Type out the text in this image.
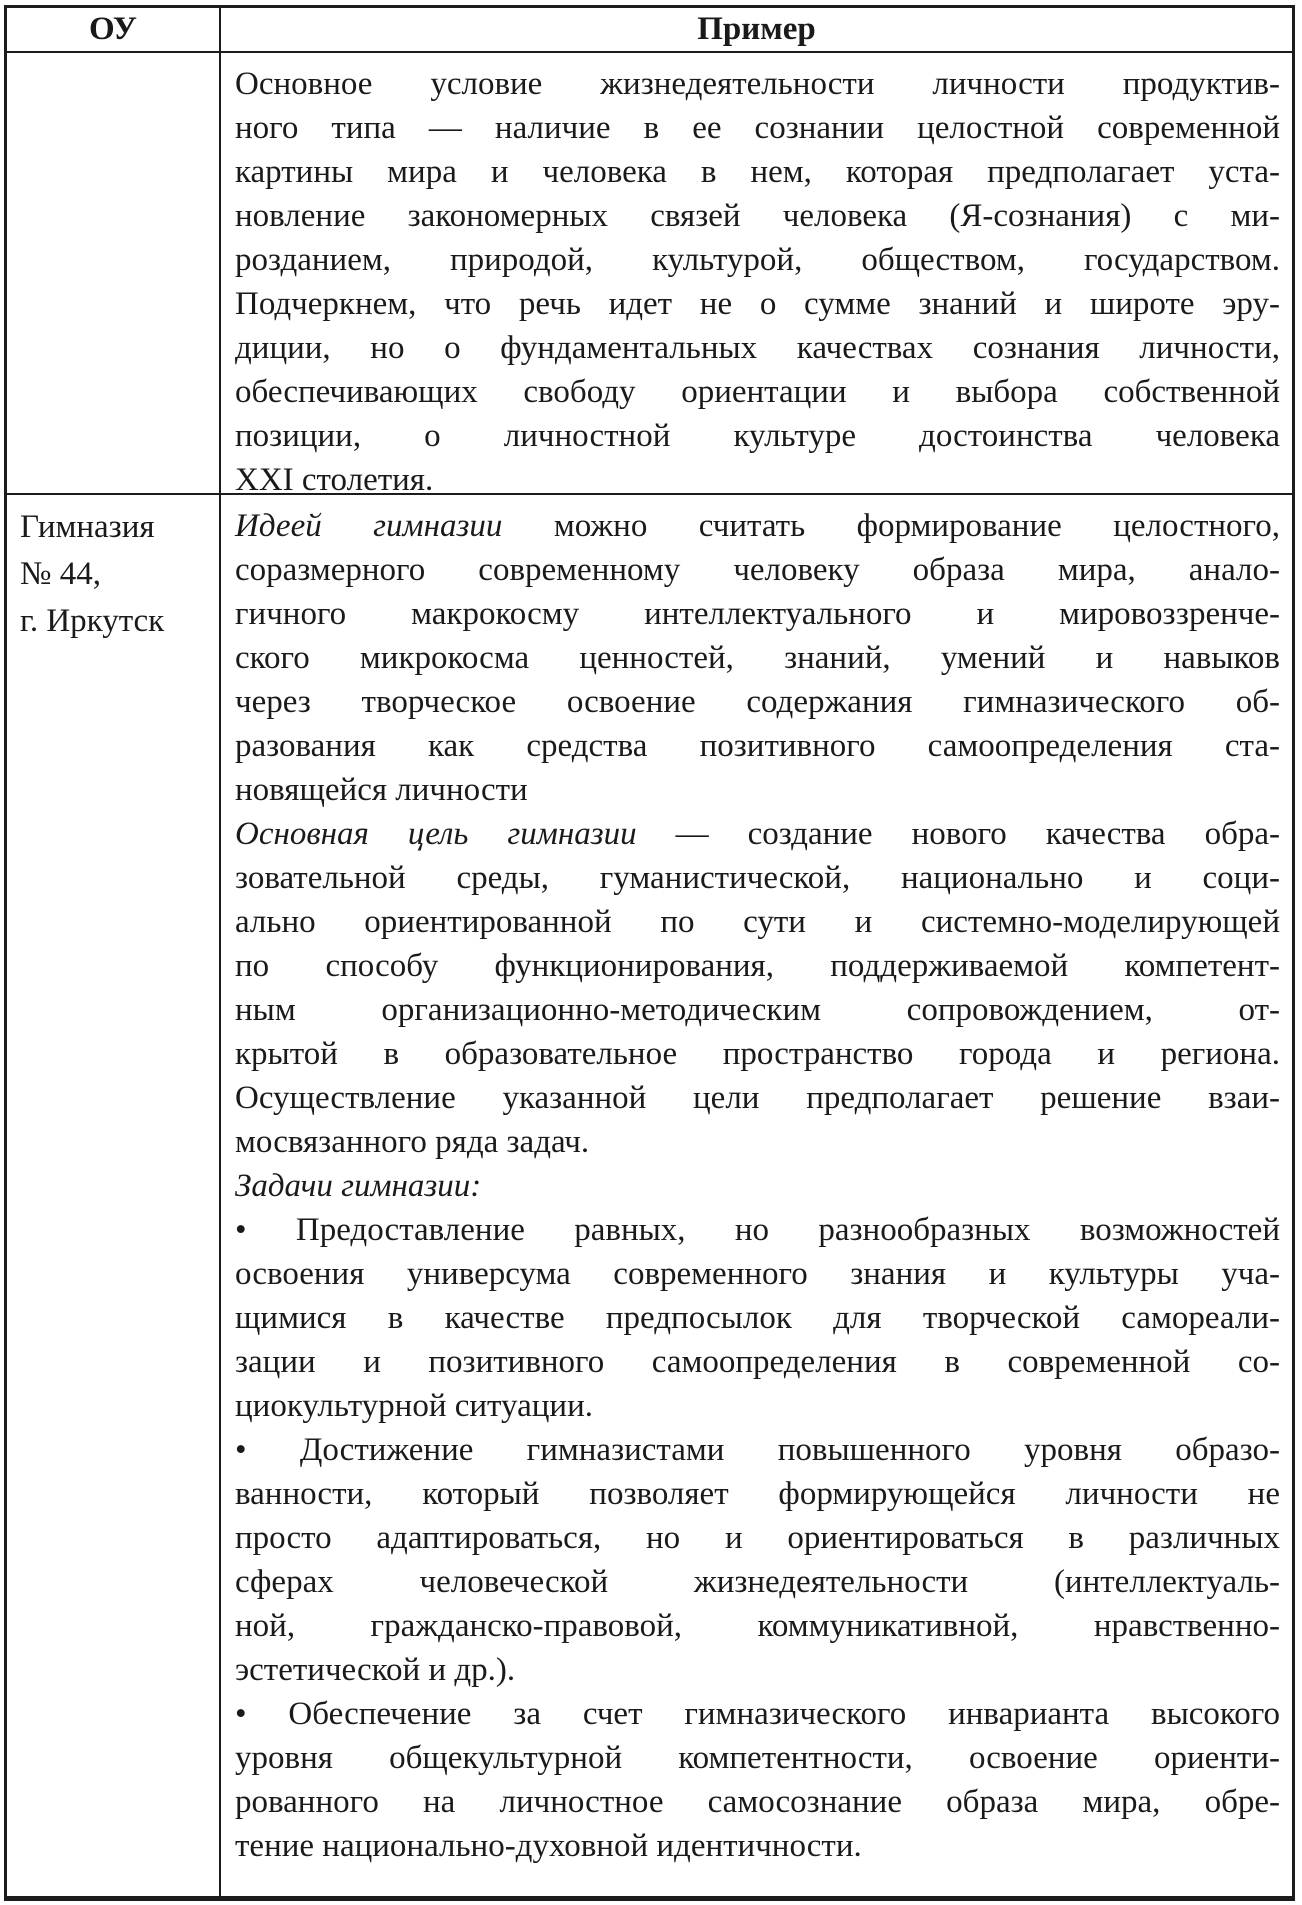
ОУ	Пример
Основное условие жизнедеятельности личности продуктив-
ного типа — наличие в ее сознании целостной современной
картины мира и человека в нем, которая предполагает уста-
новление закономерных связей человека (Я-сознания) с ми-
розданием, природой, культурой, обществом, государством.
Подчеркнем, что речь идет не о сумме знаний и широте эру-
диции, но о фундаментальных качествах сознания личности,
обеспечивающих свободу ориентации и выбора собственной
позиции, о личностной культуре достоинства человека
XXI столетия.
Гимназия
№ 44,
г. Иркутск
Идеей гимназии можно считать формирование целостного,
соразмерного современному человеку образа мира, анало-
гичного макрокосму интеллектуального и мировоззренче-
ского микрокосма ценностей, знаний, умений и навыков
через творческое освоение содержания гимназического об-
разования как средства позитивного самоопределения ста-
новящейся личности
Основная цель гимназии — создание нового качества обра-
зовательной среды, гуманистической, национально и соци-
ально ориентированной по сути и системно-моделирующей
по способу функционирования, поддерживаемой компетент-
ным организационно-методическим сопровождением, от-
крытой в образовательное пространство города и региона.
Осуществление указанной цели предполагает решение взаи-
мосвязанного ряда задач.
Задачи гимназии:
• Предоставление равных, но разнообразных возможностей
освоения универсума современного знания и культуры уча-
щимися в качестве предпосылок для творческой самореали-
зации и позитивного самоопределения в современной со-
циокультурной ситуации.
• Достижение гимназистами повышенного уровня образо-
ванности, который позволяет формирующейся личности не
просто адаптироваться, но и ориентироваться в различных
сферах человеческой жизнедеятельности (интеллектуаль-
ной, гражданско-правовой, коммуникативной, нравственно-
эстетической и др.).
• Обеспечение за счет гимназического инварианта высокого
уровня общекультурной компетентности, освоение ориенти-
рованного на личностное самосознание образа мира, обре-
тение национально-духовной идентичности.
